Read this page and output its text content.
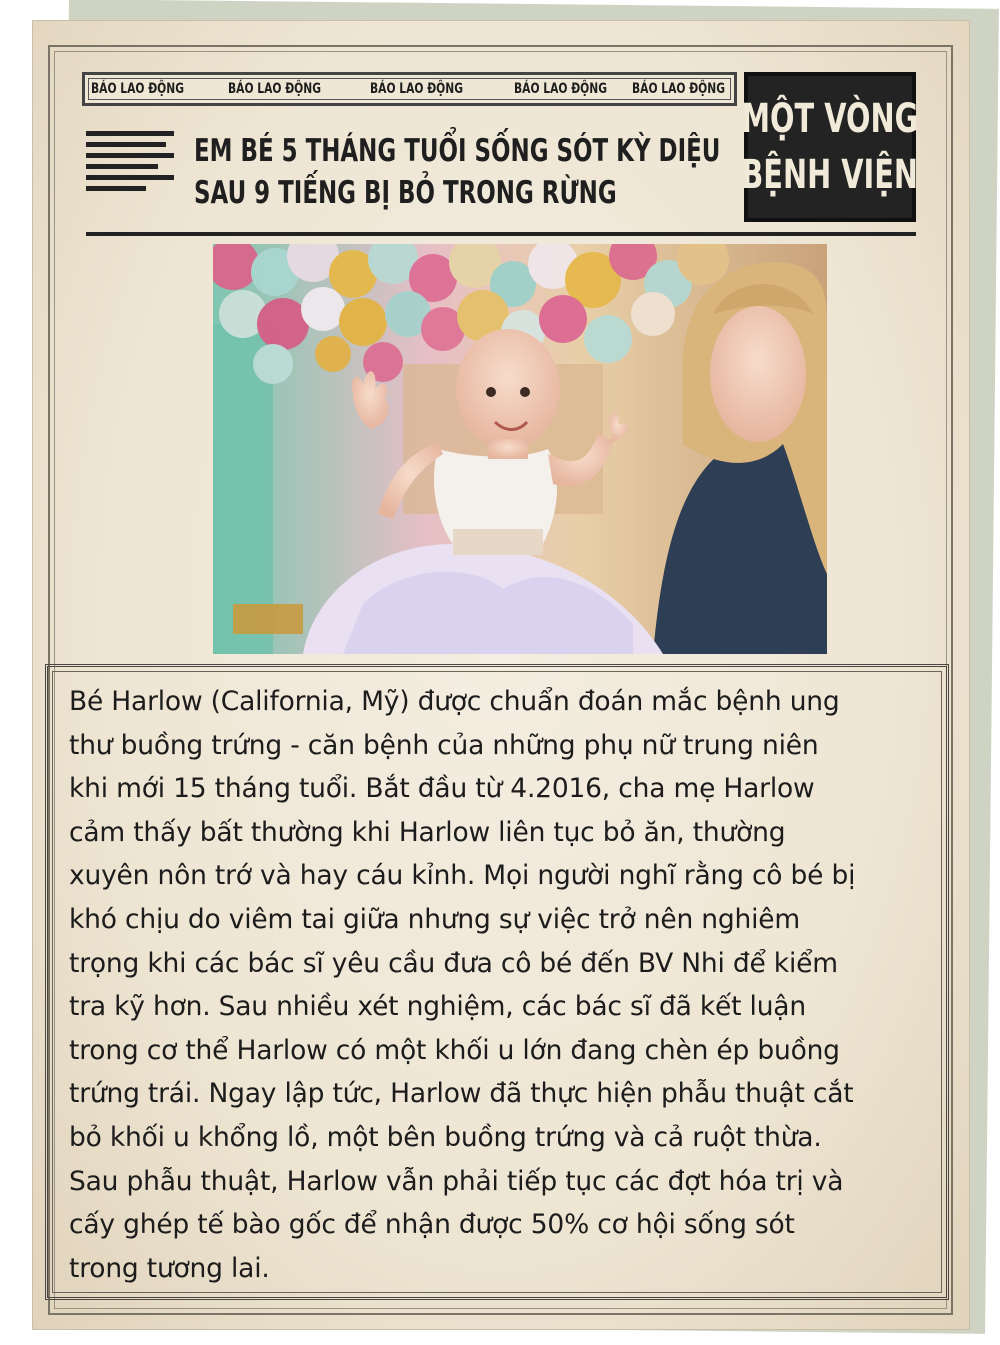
BÁO LAO ĐỘNG	BÁO LAO ĐỘNG	BÁO LAO ĐỘNG	BÁO LAO ĐỘNG BÁO LAO ĐỘNG
EM BÉ 5 THÁNG TUỔI SỐNG SÓT KỲ DIỆU
SAU 9 TIẾNG BỊ BỎ TRONG RỪNG
MỘT VÒNG
BỆNH VIỆN
Bé Harlow (California, Mỹ) được chuẩn đoán mắc bệnh ung
thư buồng trứng - căn bệnh của những phụ nữ trung niên
khi mới 15 tháng tuổi. Bắt đầu từ 4.2016, cha mẹ Harlow
cảm thấy bất thường khi Harlow liên tục bỏ ăn, thường
xuyên nôn trớ và hay cáu kỉnh. Mọi người nghĩ rằng cô bé bị
khó chịu do viêm tai giữa nhưng sự việc trở nên nghiêm
trọng khi các bác sĩ yêu cầu đưa cô bé đến BV Nhi để kiểm
tra kỹ hơn. Sau nhiều xét nghiệm, các bác sĩ đã kết luận
trong cơ thể Harlow có một khối u lớn đang chèn ép buồng
trứng trái. Ngay lập tức, Harlow đã thực hiện phẫu thuật cắt
bỏ khối u khổng lồ, một bên buồng trứng và cả ruột thừa.
Sau phẫu thuật, Harlow vẫn phải tiếp tục các đợt hóa trị và
cấy ghép tế bào gốc để nhận được 50% cơ hội sống sót
trong tương lai.
